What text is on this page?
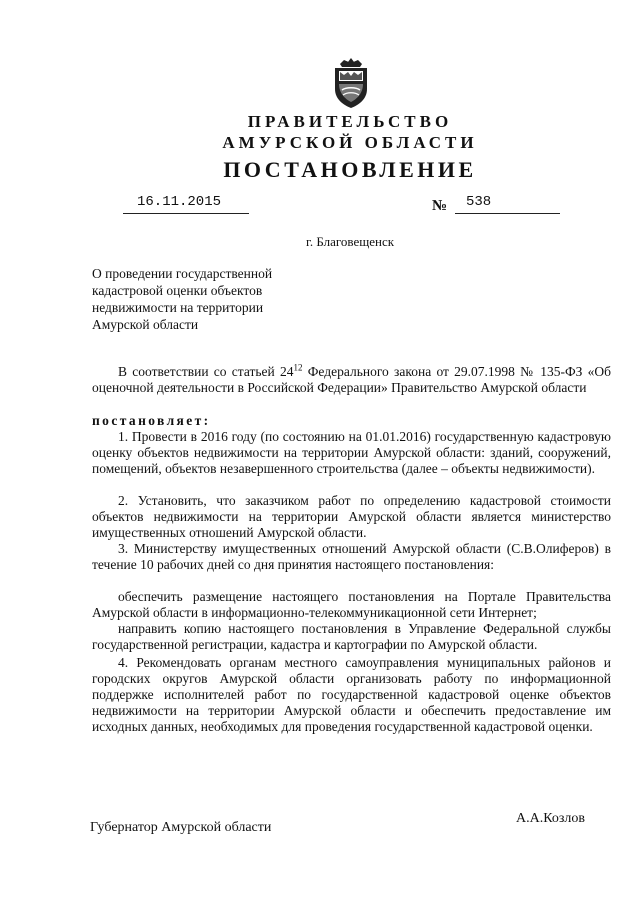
ПРАВИТЕЛЬСТВО
АМУРСКОЙ ОБЛАСТИ
ПОСТАНОВЛЕНИЕ
16.11.2015	№ 538
г. Благовещенск
О проведении государственной
кадастровой оценки объектов
недвижимости на территории
Амурской области
В соответствии со статьей $24^{12}$ Федерального закона от 29.07.1998 № 135-ФЗ «Об оценочной деятельности в Российской Федерации» Правительство Амурской области
постановляет:
1. Провести в 2016 году (по состоянию на 01.01.2016) государственную кадастровую оценку объектов недвижимости на территории Амурской области: зданий, сооружений, помещений, объектов незавершенного строительства (далее – объекты недвижимости).
2. Установить, что заказчиком работ по определению кадастровой стоимости объектов недвижимости на территории Амурской области является министерство имущественных отношений Амурской области.
3. Министерству имущественных отношений Амурской области (С.В.Олиферов) в течение 10 рабочих дней со дня принятия настоящего постановления:
обеспечить размещение настоящего постановления на Портале Правительства Амурской области в информационно-телекоммуникационной сети Интернет;
направить копию настоящего постановления в Управление Федеральной службы государственной регистрации, кадастра и картографии по Амурской области.
4. Рекомендовать органам местного самоуправления муниципальных районов и городских округов Амурской области организовать работу по информационной поддержке исполнителей работ по государственной кадастровой оценке объектов недвижимости на территории Амурской области и обеспечить предоставление им исходных данных, необходимых для проведения государственной кадастровой оценки.
Губернатор Амурской области
А.А.Козлов
